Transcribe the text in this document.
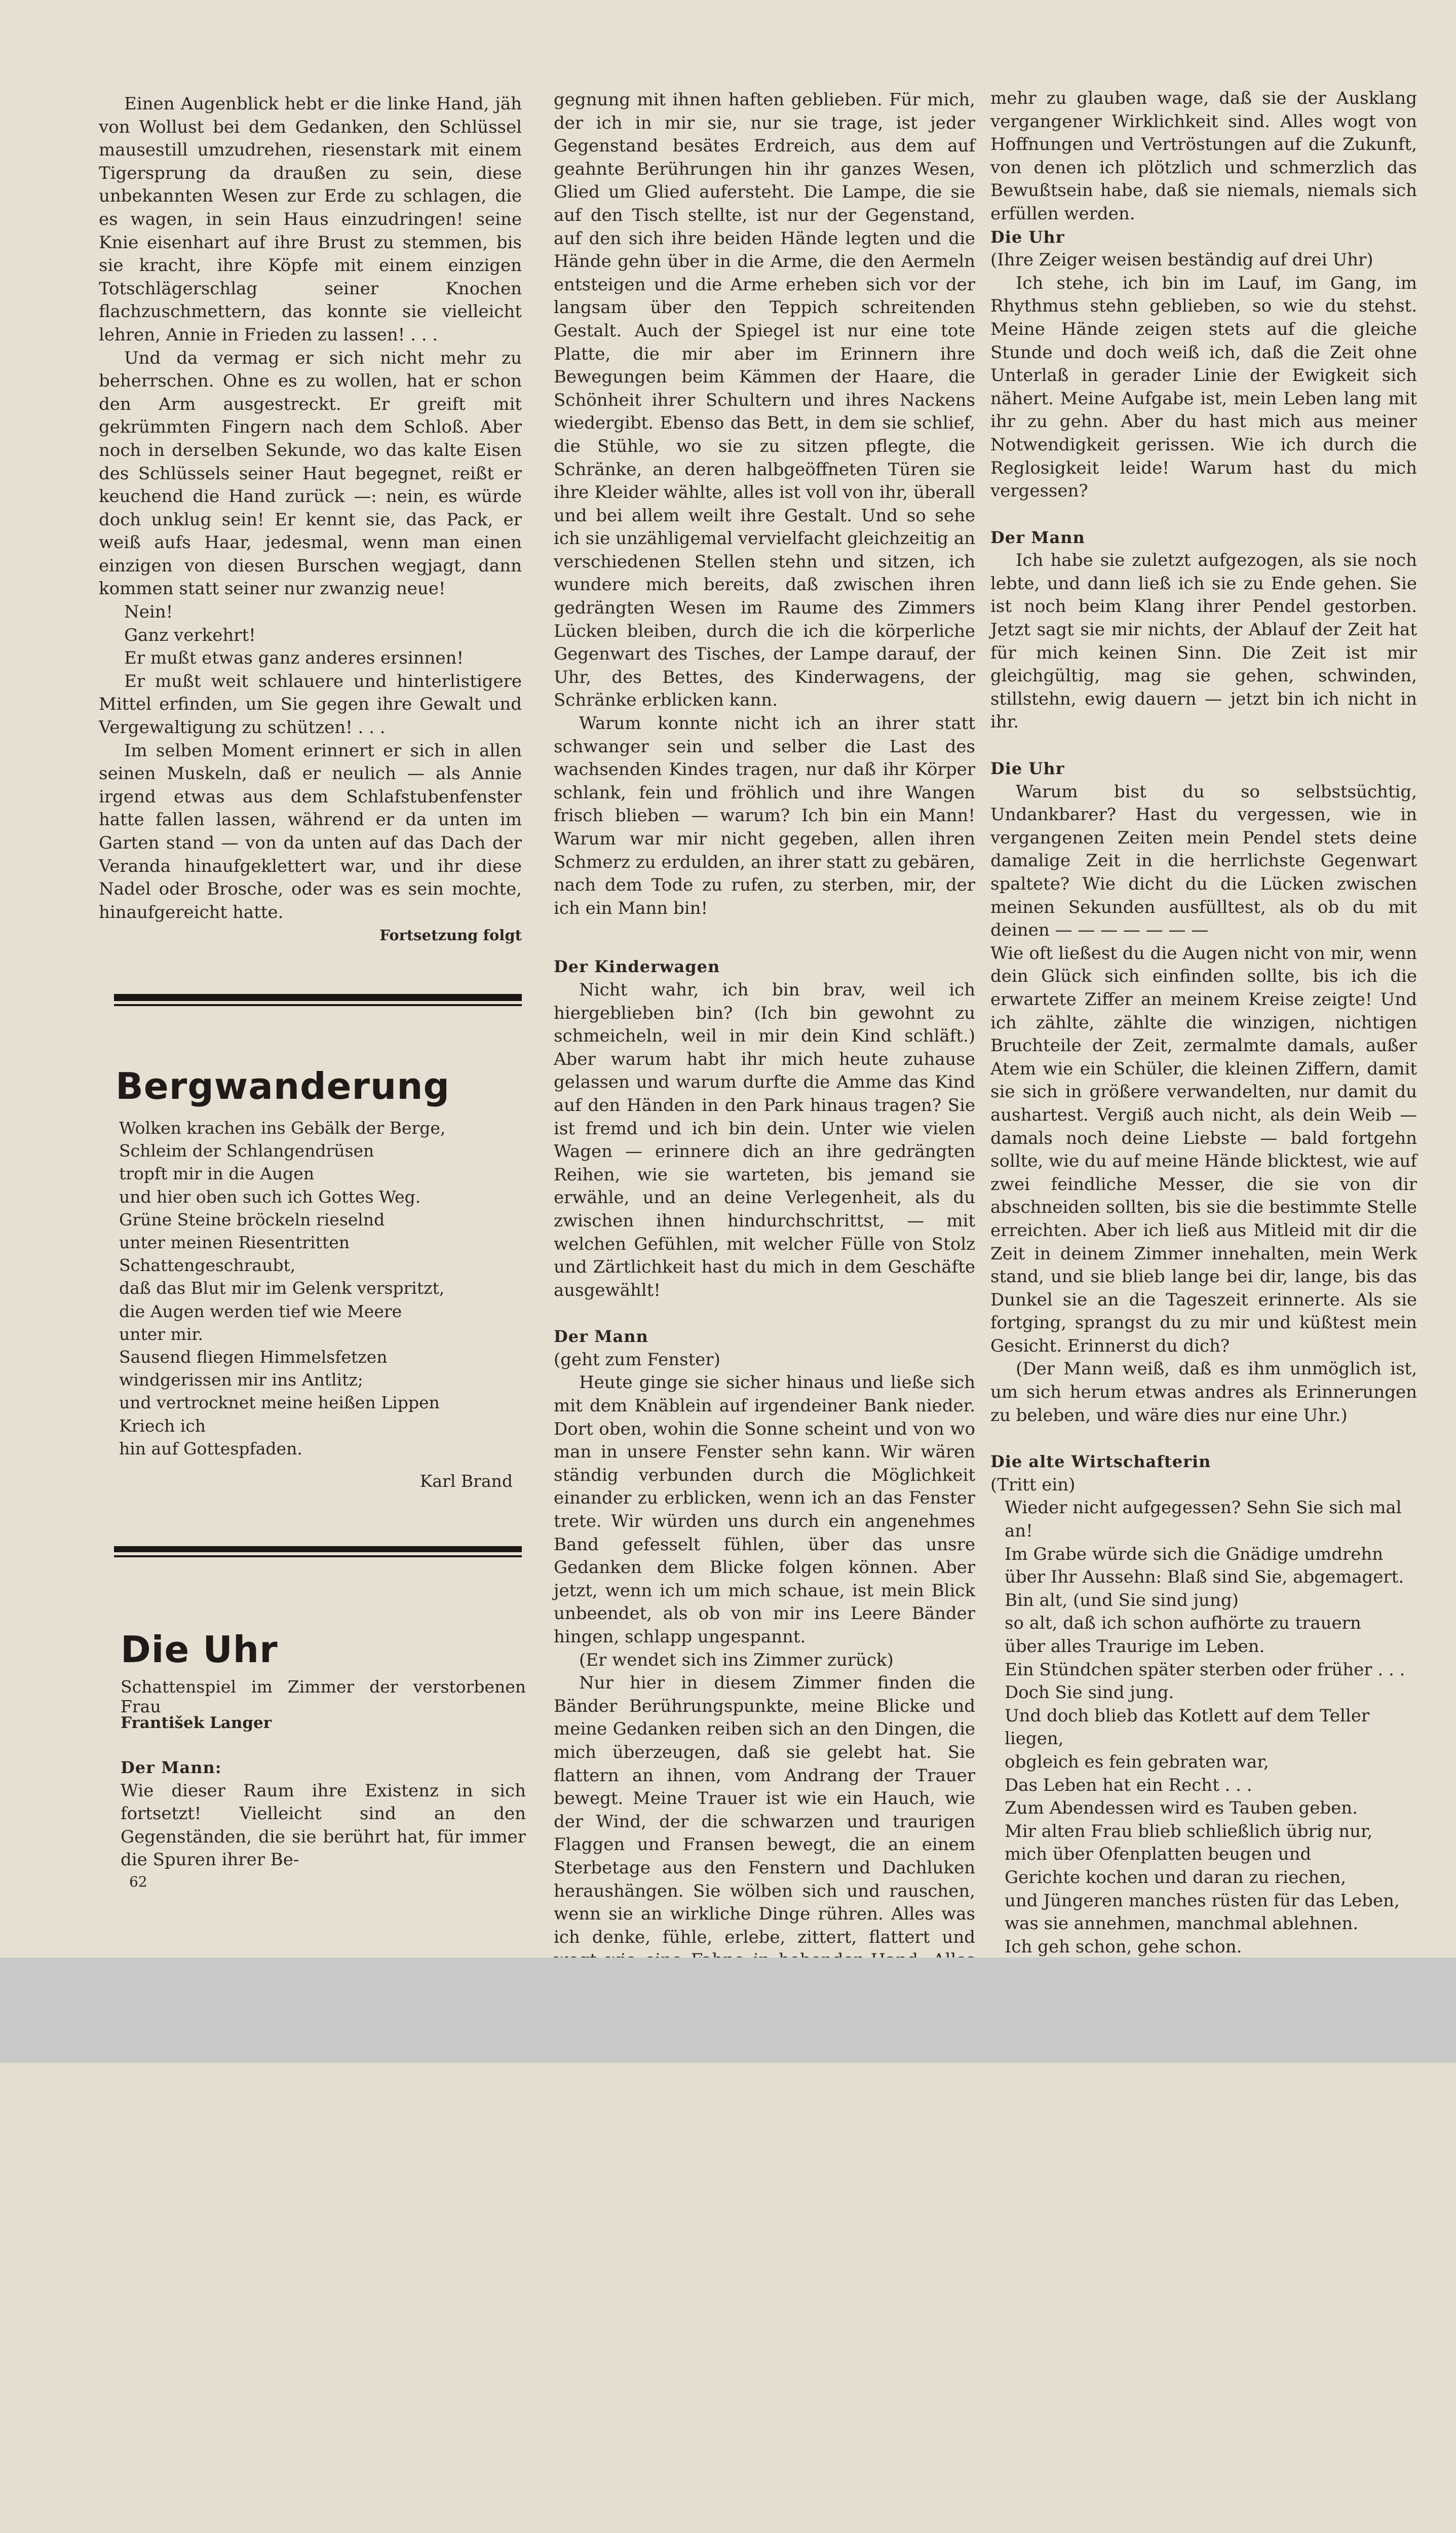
Einen Augenblick hebt er die linke Hand, jäh von Wollust bei dem Gedanken, den Schlüssel mausestill umzudrehen, riesenstark mit einem Tigersprung da draußen zu sein, diese unbekannten Wesen zur Erde zu schlagen, die es wagen, in sein Haus einzudringen! seine Knie eisenhart auf ihre Brust zu stemmen, bis sie kracht, ihre Köpfe mit einem einzigen Totschlägerschlag seiner Knochen flachzuschmettern, das konnte sie vielleicht lehren, Annie in Frieden zu lassen! . . .

Und da vermag er sich nicht mehr zu beherrschen. Ohne es zu wollen, hat er schon den Arm ausgestreckt. Er greift mit gekrümmten Fingern nach dem Schloß. Aber noch in derselben Sekunde, wo das kalte Eisen des Schlüssels seiner Haut begegnet, reißt er keuchend die Hand zurück —: nein, es würde doch unklug sein! Er kennt sie, das Pack, er weiß aufs Haar, jedesmal, wenn man einen einzigen von diesen Burschen wegjagt, dann kommen statt seiner nur zwanzig neue!

Nein!

Ganz verkehrt!

Er mußt etwas ganz anderes ersinnen!

Er mußt weit schlauere und hinterlistigere Mittel erfinden, um Sie gegen ihre Gewalt und Vergewaltigung zu schützen! . . .

Im selben Moment erinnert er sich in allen seinen Muskeln, daß er neulich — als Annie irgend etwas aus dem Schlafstubenfenster hatte fallen lassen, während er da unten im Garten stand — von da unten auf das Dach der Veranda hinaufgeklettert war, und ihr diese Nadel oder Brosche, oder was es sein mochte, hinaufgereicht hatte.

Fortsetzung folgt

Bergwanderung

Wolken krachen ins Gebälk der Berge,

Schleim der Schlangendrüsen

tropft mir in die Augen

und hier oben such ich Gottes Weg.

Grüne Steine bröckeln rieselnd

unter meinen Riesentritten

Schattengeschraubt,

daß das Blut mir im Gelenk verspritzt,

die Augen werden tief wie Meere

unter mir.

Sausend fliegen Himmelsfetzen

windgerissen mir ins Antlitz;

und vertrocknet meine heißen Lippen

Kriech ich

hin auf Gottespfaden.

Karl Brand
Die Uhr

Schattenspiel im Zimmer der verstorbenen Frau

František Langer

Der Mann:

Wie dieser Raum ihre Existenz in sich fortsetzt! Vielleicht sind an den Gegenständen, die sie berührt hat, für immer die Spuren ihrer Be-

62

gegnung mit ihnen haften geblieben. Für mich, der ich in mir sie, nur sie trage, ist jeder Gegenstand besätes Erdreich, aus dem auf geahnte Berührungen hin ihr ganzes Wesen, Glied um Glied aufersteht. Die Lampe, die sie auf den Tisch stellte, ist nur der Gegenstand, auf den sich ihre beiden Hände legten und die Hände gehn über in die Arme, die den Aermeln entsteigen und die Arme erheben sich vor der langsam über den Teppich schreitenden Gestalt. Auch der Spiegel ist nur eine tote Platte, die mir aber im Erinnern ihre Bewegungen beim Kämmen der Haare, die Schönheit ihrer Schultern und ihres Nackens wiedergibt. Ebenso das Bett, in dem sie schlief, die Stühle, wo sie zu sitzen pflegte, die Schränke, an deren halbgeöffneten Türen sie ihre Kleider wählte, alles ist voll von ihr, überall und bei allem weilt ihre Gestalt. Und so sehe ich sie unzähligemal vervielfacht gleichzeitig an verschiedenen Stellen stehn und sitzen, ich wundere mich bereits, daß zwischen ihren gedrängten Wesen im Raume des Zimmers Lücken bleiben, durch die ich die körperliche Gegenwart des Tisches, der Lampe darauf, der Uhr, des Bettes, des Kinderwagens, der Schränke erblicken kann.

Warum konnte nicht ich an ihrer statt schwanger sein und selber die Last des wachsenden Kindes tragen, nur daß ihr Körper schlank, fein und fröhlich und ihre Wangen frisch blieben — warum? Ich bin ein Mann! Warum war mir nicht gegeben, allen ihren Schmerz zu erdulden, an ihrer statt zu gebären, nach dem Tode zu rufen, zu sterben, mir, der ich ein Mann bin!

Der Kinderwagen

Nicht wahr, ich bin brav, weil ich hiergeblieben bin? (Ich bin gewohnt zu schmeicheln, weil in mir dein Kind schläft.) Aber warum habt ihr mich heute zuhause gelassen und warum durfte die Amme das Kind auf den Händen in den Park hinaus tragen? Sie ist fremd und ich bin dein. Unter wie vielen Wagen — erinnere dich an ihre gedrängten Reihen, wie sie warteten, bis jemand sie erwähle, und an deine Verlegenheit, als du zwischen ihnen hindurchschrittst, — mit welchen Gefühlen, mit welcher Fülle von Stolz und Zärtlichkeit hast du mich in dem Geschäfte ausgewählt!

Der Mann

(geht zum Fenster)

Heute ginge sie sicher hinaus und ließe sich mit dem Knäblein auf irgendeiner Bank nieder. Dort oben, wohin die Sonne scheint und von wo man in unsere Fenster sehn kann. Wir wären ständig verbunden durch die Möglichkeit einander zu erblicken, wenn ich an das Fenster trete. Wir würden uns durch ein angenehmes Band gefesselt fühlen, über das unsre Gedanken dem Blicke folgen können. Aber jetzt, wenn ich um mich schaue, ist mein Blick unbeendet, als ob von mir ins Leere Bänder hingen, schlapp ungespannt.

(Er wendet sich ins Zimmer zurück)

Nur hier in diesem Zimmer finden die Bänder Berührungspunkte, meine Blicke und meine Gedanken reiben sich an den Dingen, die mich überzeugen, daß sie gelebt hat. Sie flattern an ihnen, vom Andrang der Trauer bewegt. Meine Trauer ist wie ein Hauch, wie der Wind, der die schwarzen und traurigen Flaggen und Fransen bewegt, die an einem Sterbetage aus den Fenstern und Dachluken heraushängen. Sie wölben sich und rauschen, wenn sie an wirkliche Dinge rühren. Alles was ich denke, fühle, erlebe, zittert, flattert und

mehr zu glauben wage, daß sie der Ausklang vergangener Wirklichkeit sind. Alles wogt von Hoffnungen und Vertröstungen auf die Zukunft, von denen ich plötzlich und schmerzlich das Bewußtsein habe, daß sie niemals, niemals sich erfüllen werden.

Die Uhr

(Ihre Zeiger weisen beständig auf drei Uhr)

Ich stehe, ich bin im Lauf, im Gang, im Rhythmus stehn geblieben, so wie du stehst. Meine Hände zeigen stets auf die gleiche Stunde und doch weiß ich, daß die Zeit ohne Unterlaß in gerader Linie der Ewigkeit sich nähert. Meine Aufgabe ist, mein Leben lang mit ihr zu gehn. Aber du hast mich aus meiner Notwendigkeit gerissen. Wie ich durch die Reglosigkeit leide! Warum hast du mich vergessen?

Der Mann

Ich habe sie zuletzt aufgezogen, als sie noch lebte, und dann ließ ich sie zu Ende gehen. Sie ist noch beim Klang ihrer Pendel gestorben. Jetzt sagt sie mir nichts, der Ablauf der Zeit hat für mich keinen Sinn. Die Zeit ist mir gleichgültig, mag sie gehen, schwinden, stillstehn, ewig dauern — jetzt bin ich nicht in ihr.

Die Uhr

Warum bist du so selbstsüchtig, Undankbarer? Hast du vergessen, wie in vergangenen Zeiten mein Pendel stets deine damalige Zeit in die herrlichste Gegenwart spaltete? Wie dicht du die Lücken zwischen meinen Sekunden ausfülltest, als ob du mit deinen — — — — — — —

Wie oft ließest du die Augen nicht von mir, wenn dein Glück sich einfinden sollte, bis ich die erwartete Ziffer an meinem Kreise zeigte! Und ich zählte, zählte die winzigen, nichtigen Bruchteile der Zeit, zermalmte damals, außer Atem wie ein Schüler, die kleinen Ziffern, damit sie sich in größere verwandelten, nur damit du aushartest. Vergiß auch nicht, als dein Weib — damals noch deine Liebste — bald fortgehn sollte, wie du auf meine Hände blicktest, wie auf zwei feindliche Messer, die sie von dir abschneiden sollten, bis sie die bestimmte Stelle erreichten. Aber ich ließ aus Mitleid mit dir die Zeit in deinem Zimmer innehalten, mein Werk stand, und sie blieb lange bei dir, lange, bis das Dunkel sie an die Tageszeit erinnerte. Als sie fortging, sprangst du zu mir und küßtest mein Gesicht. Erinnerst du dich?

(Der Mann weiß, daß es ihm unmöglich ist, um sich herum etwas andres als Erinnerungen zu beleben, und wäre dies nur eine Uhr.)

Die alte Wirtschafterin

(Tritt ein)

Wieder nicht aufgegessen? Sehn Sie sich mal an!

Im Grabe würde sich die Gnädige umdrehn

über Ihr Aussehn: Blaß sind Sie, abgemagert.

Bin alt, (und Sie sind jung)

so alt, daß ich schon aufhörte zu trauern

über alles Traurige im Leben.

Ein Stündchen später sterben oder früher . . .

Doch Sie sind jung.

Und doch blieb das Kotlett auf dem Teller liegen,

obgleich es fein gebraten war,

Das Leben hat ein Recht . . .

Zum Abendessen wird es Tauben geben.

Mir alten Frau blieb schließlich übrig nur,

mich über Ofenplatten beugen und

Gerichte kochen und daran zu riechen,

und Jüngeren manches rüsten für das Leben,

was sie annehmen, manchmal ablehnen.

Ich geh schon, gehe schon.
